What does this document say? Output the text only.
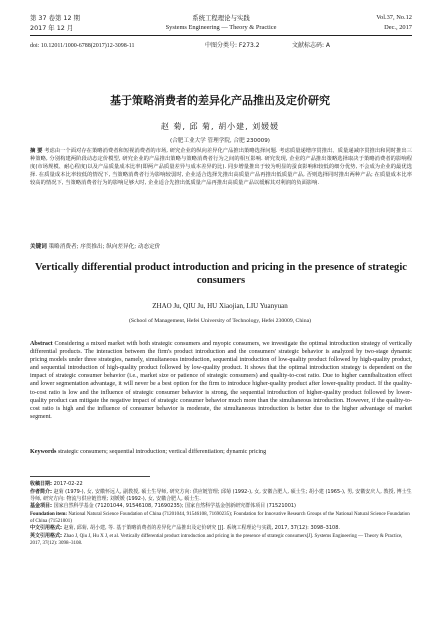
第 37 卷第 12 期	系统工程理论与实践	Vol.37, No.12
2017 年 12 月	Systems Engineering — Theory & Practice	Dec., 2017
doi: 10.12011/1000-6788(2017)12-3098-11	中图分类号: F273.2	文献标志码: A
基于策略消费者的差异化产品推出及定价研究
赵 菊, 邱 菊, 胡小建, 刘媛媛
(合肥工业大学 管理学院, 合肥 230009)
摘 要 考虑由一个面对存在策略消费者和短视消费者的市场, 研究企业的纵向差异化产品推出策略选择问题. 考虑质量递增序贯推出、质量递减序贯推出和同时推出三种策略, 分别构建两阶段动态定价模型, 研究企业的产品推出策略与策略消费者行为之间的相互影响. 研究发现, 企业的产品推出策略选择取决于策略消费者的影响程度(市场规模、耐心程度)以及产品质量成本比率(即两产品质量差异与成本差异的比). 同步增量推出于较为明显的蚕食影响和较低的细分优势, 不会成为企业的最优选择. 在质量成本比率较低的情况下, 当策略消费者行为影响较弱时, 企业适合选择先推出高质量产品再推出低质量产品, 否则选择同时推出两种产品; 在质量成本比率较高的情况下, 当策略消费者行为的影响足够大时, 企业适合先推出低质量产品再推出高质量产品以缓解其对利润的负面影响.
关键词 策略消费者; 序贯推出; 纵向差异化; 动态定价
Vertically differential product introduction and pricing in the presence of strategic consumers
ZHAO Ju, QIU Ju, HU Xiaojian, LIU Yuanyuan
(School of Management, Hefei University of Technology, Hefei 230009, China)
Abstract Considering a mixed market with both strategic consumers and myopic consumers, we investigate the optimal introduction strategy of vertically differential products. The interaction between the firm's product introduction and the consumers' strategic behavior is analyzed by two-stage dynamic pricing models under three strategies, namely, simultaneous introduction, sequential introduction of low-quality product followed by high-quality product, and sequential introduction of high-quality product followed by low-quality product. It shows that the optimal introduction strategy is dependent on the impact of strategic consumer behavior (i.e., market size or patience of strategic consumers) and quality-to-cost ratio. Due to higher cannibalization effect and lower segmentation advantage, it will never be a best option for the firm to introduce higher-quality product after lower-quality product. If the quality-to-cost ratio is low and the influence of strategic consumer behavior is strong, the sequential introduction of higher-quality product followed by lower-quality product can mitigate the negative impact of strategic consumer behavior much more than the simultaneous introduction. However, if the quality-to-cost ratio is high and the influence of consumer behavior is moderate, the simultaneous introduction is better due to the higher advantage of market segment.
Keywords strategic consumers; sequential introduction; vertical differentiation; dynamic pricing

收稿日期: 2017-02-22

作者简介: 赵菊 (1979-), 女, 安徽怀远人, 副教授, 硕士生导师, 研究方向: 供应链管理; 邱菊 (1992-), 女, 安徽合肥人, 硕士生; 胡小建 (1965-), 男, 安徽安庆人, 教授, 博士生导师, 研究方向: 物流与供应链管理; 刘媛媛 (1992-), 女, 安徽合肥人, 硕士生.

基金项目: 国家自然科学基金 (71201044, 91546108, 71690235); 国家自然科学基金创新研究群体项目 (71521001)

Foundation item: National Natural Science Foundation of China (71201044, 91546108, 71690235); Foundation for Innovative Research Groups of the National Natural Science Foundation of China (71521001)

中文引用格式: 赵菊, 邱菊, 胡小建, 等. 基于策略消费者的差异化产品推出及定价研究 [J]. 系统工程理论与实践, 2017, 37(12): 3098–3108.

英文引用格式: Zhao J, Qiu J, Hu X J, et al. Vertically differential product introduction and pricing in the presence of strategic consumers[J]. Systems Engineering — Theory & Practice, 2017, 37(12): 3098–3108.
